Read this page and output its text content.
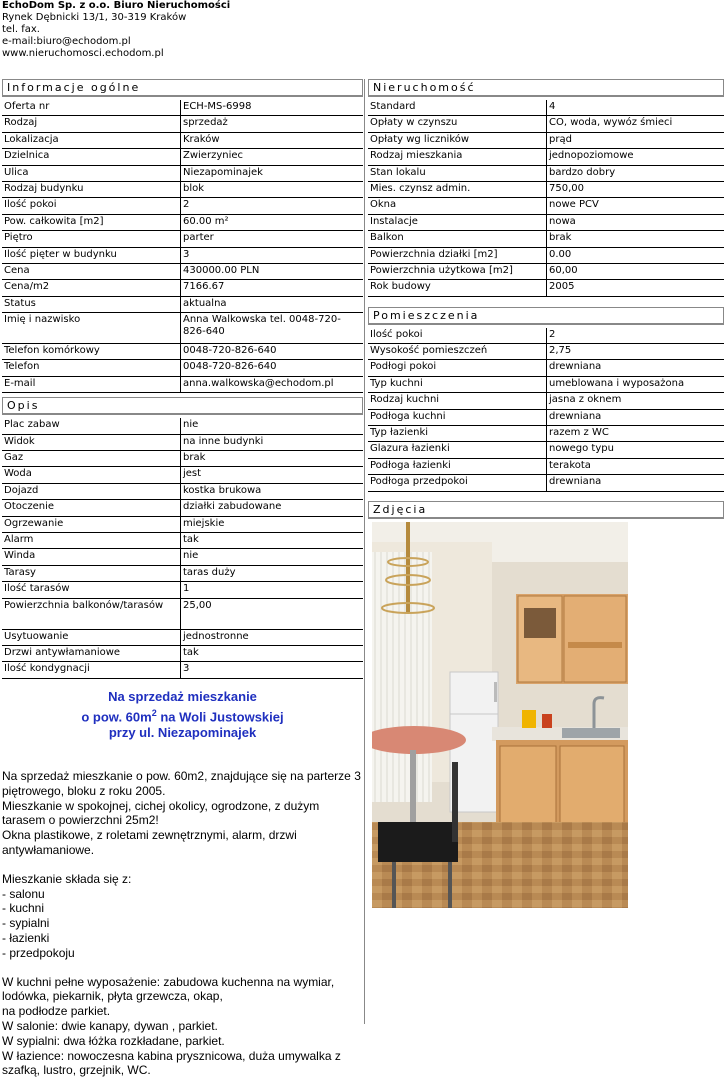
EchoDom Sp. z o.o. Biuro Nieruchomości
Rynek Dębnicki 13/1, 30-319 Kraków
tel. fax.
e-mail:biuro@echodom.pl
www.nieruchomosci.echodom.pl
Informacje ogólne
Oferta nr	ECH-MS-6998
Rodzaj	sprzedaż
Lokalizacja	Kraków
Dzielnica	Zwierzyniec
Ulica	Niezapominajek
Rodzaj budynku	blok
Ilość pokoi	2
Pow. całkowita [m2]	60.00 m²
Piętro	parter
Ilość pięter w budynku	3
Cena	430000.00 PLN
Cena/m2	7166.67
Status	aktualna
Imię i nazwisko	Anna Walkowska tel. 0048-720-826-640
Telefon komórkowy	0048-720-826-640
Telefon	0048-720-826-640
E-mail	anna.walkowska@echodom.pl
Opis
Plac zabaw	nie
Widok	na inne budynki
Gaz	brak
Woda	jest
Dojazd	kostka brukowa
Otoczenie	działki zabudowane
Ogrzewanie	miejskie
Alarm	tak
Winda	nie
Tarasy	taras duży
Ilość tarasów	1
Powierzchnia balkonów/tarasów	25,00
Usytuowanie	jednostronne
Drzwi antywłamaniowe	tak
Ilość kondygnacji	3
Na sprzedaż mieszkanie
o pow. $60m^2$ na Woli Justowskiej
przy ul. Niezapominajek

Na sprzedaż mieszkanie o pow. 60m2, znajdujące się na parterze 3 piętrowego, bloku z roku 2005.
Mieszkanie w spokojnej, cichej okolicy, ogrodzone, z dużym tarasem o powierzchni 25m2!
Okna plastikowe, z roletami zewnętrznymi, alarm, drzwi antywłamaniowe.

Mieszkanie składa się z:
- salonu
- kuchni
- sypialni
- łazienki
- przedpokoju

W kuchni pełne wyposażenie: zabudowa kuchenna na wymiar, lodówka, piekarnik, płyta grzewcza, okap,
na podłodze parkiet.
W salonie: dwie kanapy, dywan , parkiet.
W sypialni: dwa łóżka rozkładane, parkiet.
W łazience: nowoczesna kabina prysznicowa, duża umywalka z szafką, lustro, grzejnik, WC.

Nieruchomość
Standard	4
Opłaty w czynszu	CO, woda, wywóz śmieci
Opłaty wg liczników	prąd
Rodzaj mieszkania	jednopoziomowe
Stan lokalu	bardzo dobry
Mies. czynsz admin.	750,00
Okna	nowe PCV
Instalacje	nowa
Balkon	brak
Powierzchnia działki [m2]	0.00
Powierzchnia użytkowa [m2]	60,00
Rok budowy	2005
Pomieszczenia
Ilość pokoi	2
Wysokość pomieszczeń	2,75
Podłogi pokoi	drewniana
Typ kuchni	umeblowana i wyposażona
Rodzaj kuchni	jasna z oknem
Podłoga kuchni	drewniana
Typ łazienki	razem z WC
Glazura łazienki	nowego typu
Podłoga łazienki	terakota
Podłoga przedpokoi	drewniana
Zdjęcia
